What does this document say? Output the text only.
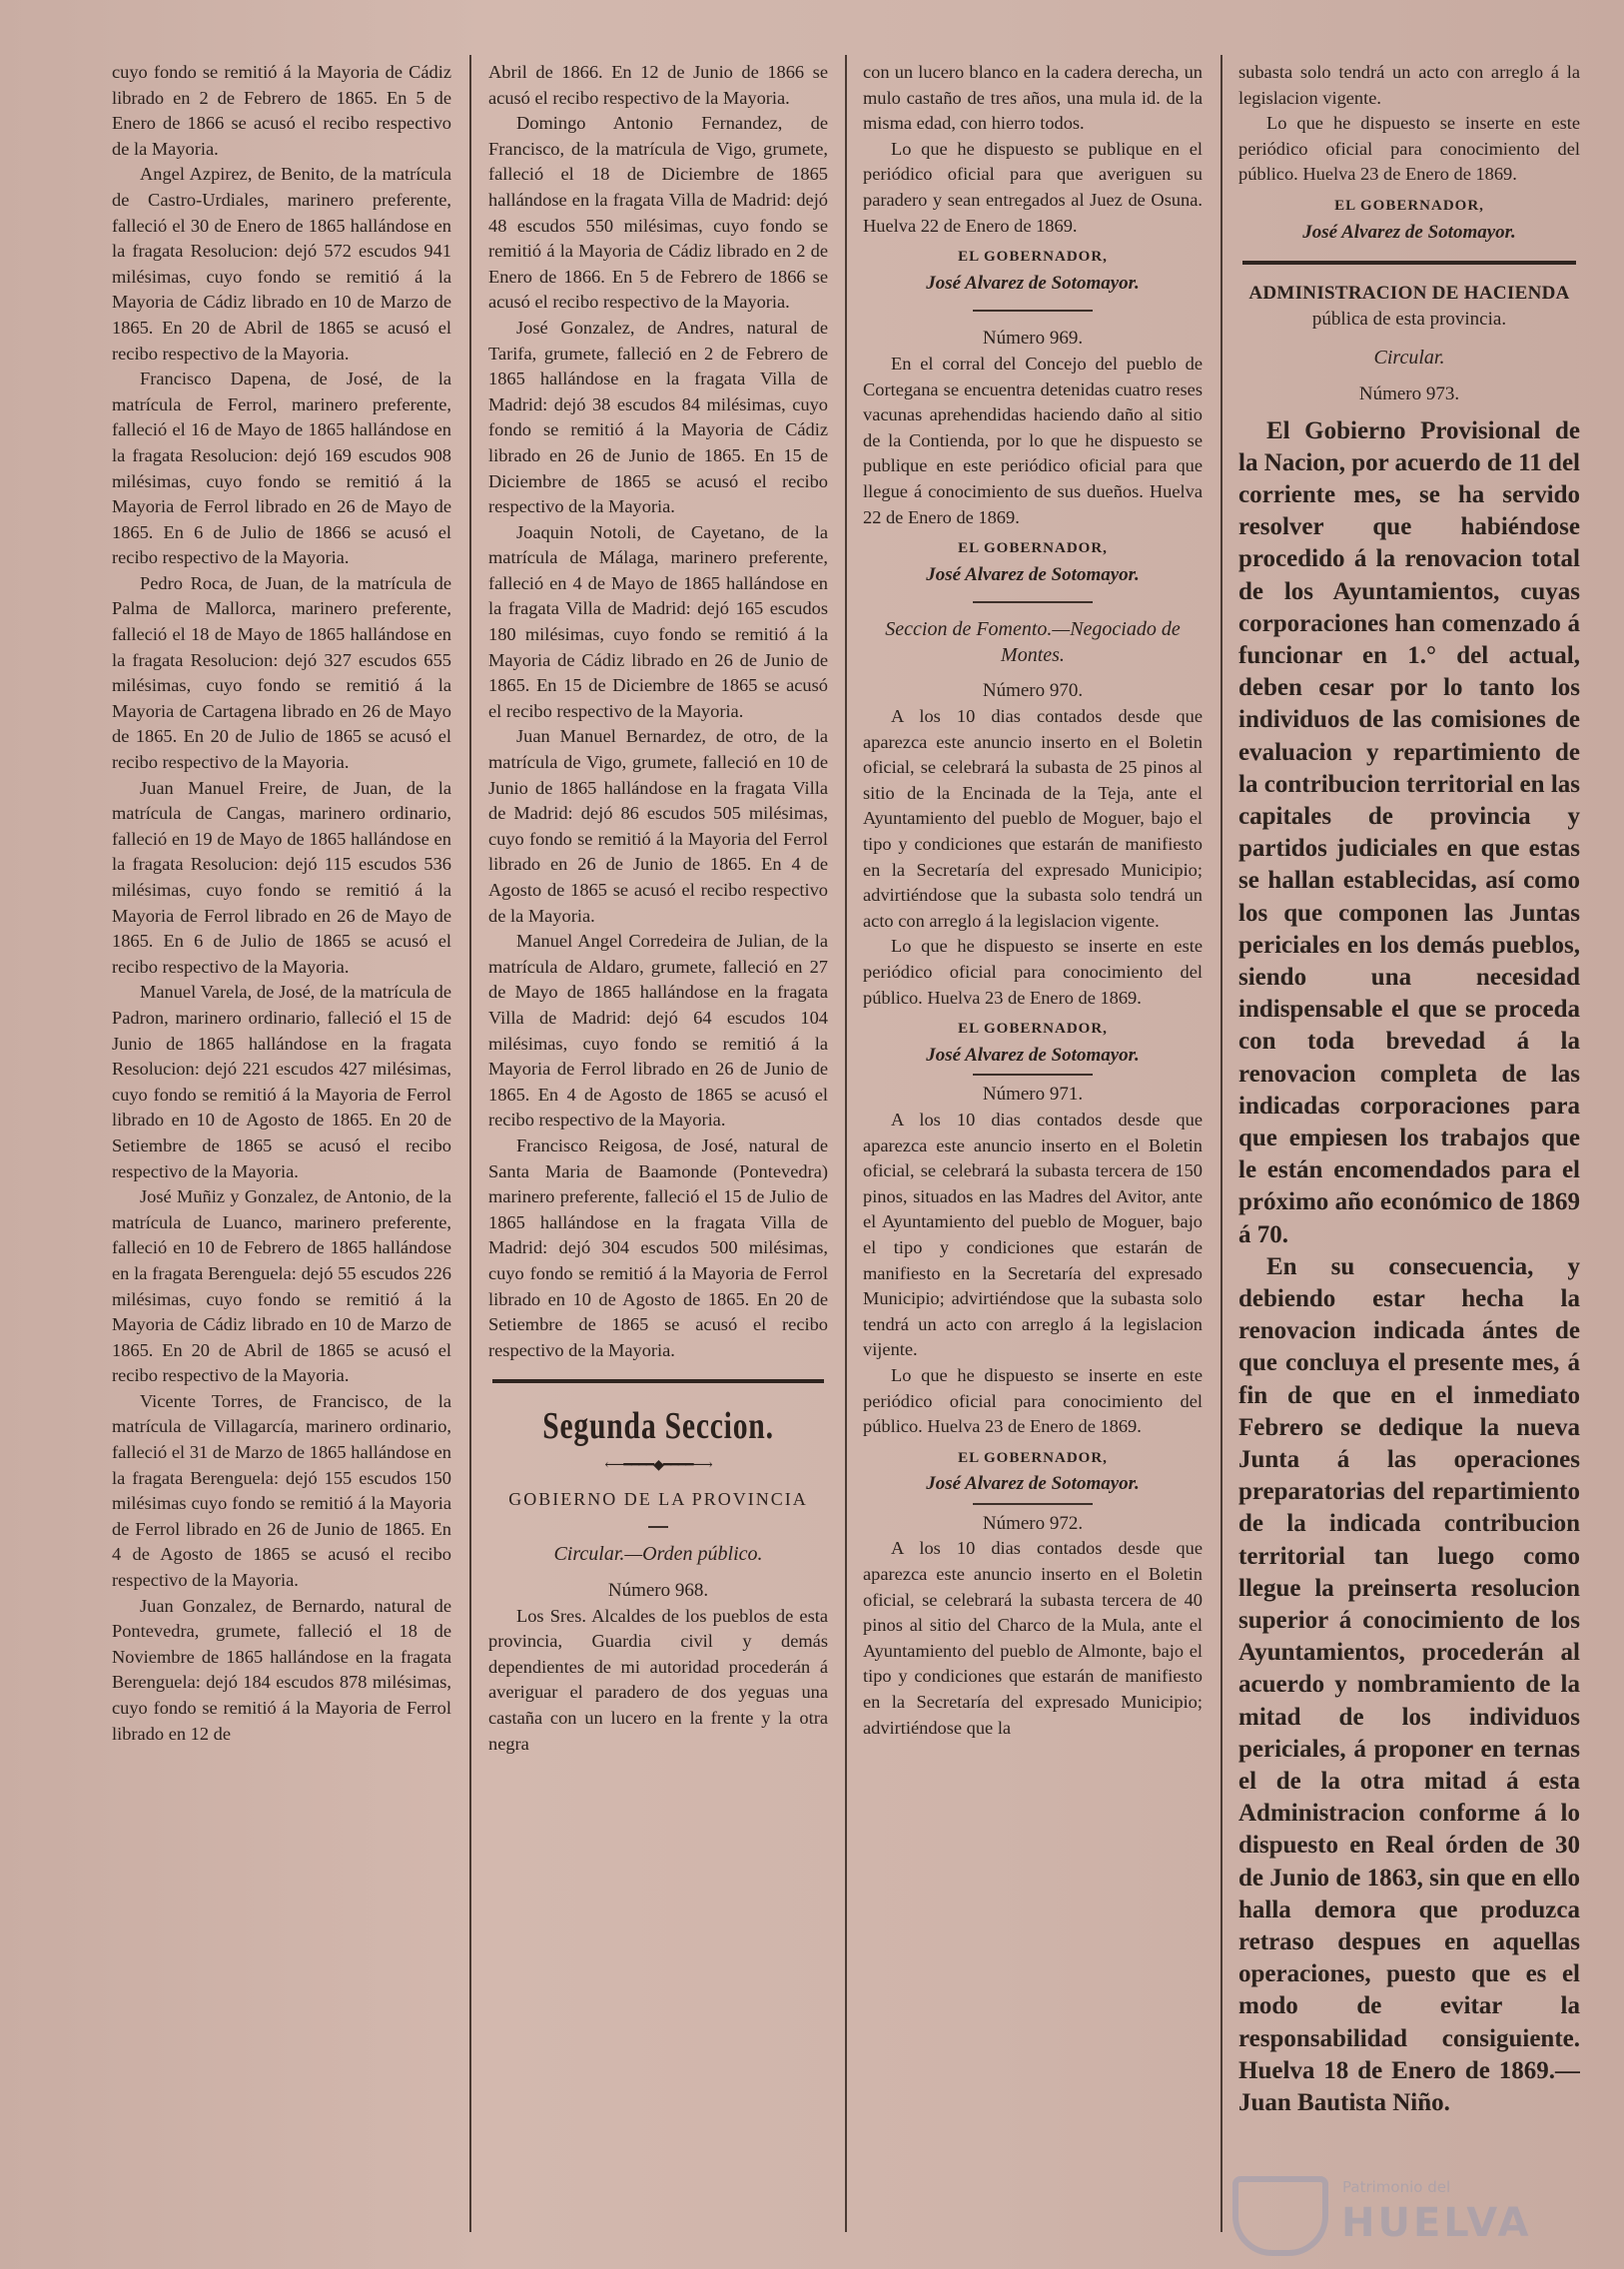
cuyo fondo se remitió á la Mayoria de Cádiz librado en 2 de Febrero de 1865. En 5 de Enero de 1866 se acusó el recibo respectivo de la Mayoria.

Angel Azpirez, de Benito, de la matrícula de Castro-Urdiales, marinero preferente, falleció el 30 de Enero de 1865 hallándose en la fragata Resolucion: dejó 572 escudos 941 milésimas, cuyo fondo se remitió á la Mayoria de Cádiz librado en 10 de Marzo de 1865. En 20 de Abril de 1865 se acusó el recibo respectivo de la Mayoria.

Francisco Dapena, de José, de la matrícula de Ferrol, marinero preferente, falleció el 16 de Mayo de 1865 hallándose en la fragata Resolucion: dejó 169 escudos 908 milésimas, cuyo fondo se remitió á la Mayoria de Ferrol librado en 26 de Mayo de 1865. En 6 de Julio de 1866 se acusó el recibo respectivo de la Mayoria.

Pedro Roca, de Juan, de la matrícula de Palma de Mallorca, marinero preferente, falleció el 18 de Mayo de 1865 hallándose en la fragata Resolucion: dejó 327 escudos 655 milésimas, cuyo fondo se remitió á la Mayoria de Cartagena librado en 26 de Mayo de 1865. En 20 de Julio de 1865 se acusó el recibo respectivo de la Mayoria.

Juan Manuel Freire, de Juan, de la matrícula de Cangas, marinero ordinario, falleció en 19 de Mayo de 1865 hallándose en la fragata Resolucion: dejó 115 escudos 536 milésimas, cuyo fondo se remitió á la Mayoria de Ferrol librado en 26 de Mayo de 1865. En 6 de Julio de 1865 se acusó el recibo respectivo de la Mayoria.

Manuel Varela, de José, de la matrícula de Padron, marinero ordinario, falleció el 15 de Junio de 1865 hallándose en la fragata Resolucion: dejó 221 escudos 427 milésimas, cuyo fondo se remitió á la Mayoria de Ferrol librado en 10 de Agosto de 1865. En 20 de Setiembre de 1865 se acusó el recibo respectivo de la Mayoria.

José Muñiz y Gonzalez, de Antonio, de la matrícula de Luanco, marinero preferente, falleció en 10 de Febrero de 1865 hallándose en la fragata Berenguela: dejó 55 escudos 226 milésimas, cuyo fondo se remitió á la Mayoria de Cádiz librado en 10 de Marzo de 1865. En 20 de Abril de 1865 se acusó el recibo respectivo de la Mayoria.

Vicente Torres, de Francisco, de la matrícula de Villagarcía, marinero ordinario, falleció el 31 de Marzo de 1865 hallándose en la fragata Berenguela: dejó 155 escudos 150 milésimas cuyo fondo se remitió á la Mayoria de Ferrol librado en 26 de Junio de 1865. En 4 de Agosto de 1865 se acusó el recibo respectivo de la Mayoria.

Juan Gonzalez, de Bernardo, natural de Pontevedra, grumete, falleció el 18 de Noviembre de 1865 hallándose en la fragata Berenguela: dejó 184 escudos 878 milésimas, cuyo fondo se remitió á la Mayoria de Ferrol librado en 12 de

Abril de 1866. En 12 de Junio de 1866 se acusó el recibo respectivo de la Mayoria.

Domingo Antonio Fernandez, de Francisco, de la matrícula de Vigo, grumete, falleció el 18 de Diciembre de 1865 hallándose en la fragata Villa de Madrid: dejó 48 escudos 550 milésimas, cuyo fondo se remitió á la Mayoria de Cádiz librado en 2 de Enero de 1866. En 5 de Febrero de 1866 se acusó el recibo respectivo de la Mayoria.

José Gonzalez, de Andres, natural de Tarifa, grumete, falleció en 2 de Febrero de 1865 hallándose en la fragata Villa de Madrid: dejó 38 escudos 84 milésimas, cuyo fondo se remitió á la Mayoria de Cádiz librado en 26 de Junio de 1865. En 15 de Diciembre de 1865 se acusó el recibo respectivo de la Mayoria.

Joaquin Notoli, de Cayetano, de la matrícula de Málaga, marinero preferente, falleció en 4 de Mayo de 1865 hallándose en la fragata Villa de Madrid: dejó 165 escudos 180 milésimas, cuyo fondo se remitió á la Mayoria de Cádiz librado en 26 de Junio de 1865. En 15 de Diciembre de 1865 se acusó el recibo respectivo de la Mayoria.

Juan Manuel Bernardez, de otro, de la matrícula de Vigo, grumete, falleció en 10 de Junio de 1865 hallándose en la fragata Villa de Madrid: dejó 86 escudos 505 milésimas, cuyo fondo se remitió á la Mayoria del Ferrol librado en 26 de Junio de 1865. En 4 de Agosto de 1865 se acusó el recibo respectivo de la Mayoria.

Manuel Angel Corredeira de Julian, de la matrícula de Aldaro, grumete, falleció en 27 de Mayo de 1865 hallándose en la fragata Villa de Madrid: dejó 64 escudos 104 milésimas, cuyo fondo se remitió á la Mayoria de Ferrol librado en 26 de Junio de 1865. En 4 de Agosto de 1865 se acusó el recibo respectivo de la Mayoria.

Francisco Reigosa, de José, natural de Santa Maria de Baamonde (Pontevedra) marinero preferente, falleció el 15 de Julio de 1865 hallándose en la fragata Villa de Madrid: dejó 304 escudos 500 milésimas, cuyo fondo se remitió á la Mayoria de Ferrol librado en 10 de Agosto de 1865. En 20 de Setiembre de 1865 se acusó el recibo respectivo de la Mayoria.

Segunda Seccion.
⟵━━━━◆━━━━⟶

GOBIERNO DE LA PROVINCIA

Circular.—Orden público.

Número 968.

Los Sres. Alcaldes de los pueblos de esta provincia, Guardia civil y demás dependientes de mi autoridad procederán á averiguar el paradero de dos yeguas una castaña con un lucero en la frente y la otra negra

con un lucero blanco en la cadera derecha, un mulo castaño de tres años, una mula id. de la misma edad, con hierro todos.

Lo que he dispuesto se publique en el periódico oficial para que averiguen su paradero y sean entregados al Juez de Osuna. Huelva 22 de Enero de 1869.

EL GOBERNADOR,

José Alvarez de Sotomayor.

Número 969.

En el corral del Concejo del pueblo de Cortegana se encuentra detenidas cuatro reses vacunas aprehendidas haciendo daño al sitio de la Contienda, por lo que he dispuesto se publique en este periódico oficial para que llegue á conocimiento de sus dueños. Huelva 22 de Enero de 1869.

EL GOBERNADOR,

José Alvarez de Sotomayor.

Seccion de Fomento.—Negociado de Montes.

Número 970.

A los 10 dias contados desde que aparezca este anuncio inserto en el Boletin oficial, se celebrará la subasta de 25 pinos al sitio de la Encinada de la Teja, ante el Ayuntamiento del pueblo de Moguer, bajo el tipo y condiciones que estarán de manifiesto en la Secretaría del expresado Municipio; advirtiéndose que la subasta solo tendrá un acto con arreglo á la legislacion vigente.

Lo que he dispuesto se inserte en este periódico oficial para conocimiento del público. Huelva 23 de Enero de 1869.

EL GOBERNADOR,

José Alvarez de Sotomayor.

Número 971.

A los 10 dias contados desde que aparezca este anuncio inserto en el Boletin oficial, se celebrará la subasta tercera de 150 pinos, situados en las Madres del Avitor, ante el Ayuntamiento del pueblo de Moguer, bajo el tipo y condiciones que estarán de manifiesto en la Secretaría del expresado Municipio; advirtiéndose que la subasta solo tendrá un acto con arreglo á la legislacion vijente.

Lo que he dispuesto se inserte en este periódico oficial para conocimiento del público. Huelva 23 de Enero de 1869.

EL GOBERNADOR,

José Alvarez de Sotomayor.

Número 972.

A los 10 dias contados desde que aparezca este anuncio inserto en el Boletin oficial, se celebrará la subasta tercera de 40 pinos al sitio del Charco de la Mula, ante el Ayuntamiento del pueblo de Almonte, bajo el tipo y condiciones que estarán de manifiesto en la Secretaría del expresado Municipio; advirtiéndose que la

subasta solo tendrá un acto con arreglo á la legislacion vigente.

Lo que he dispuesto se inserte en este periódico oficial para conocimiento del público. Huelva 23 de Enero de 1869.

EL GOBERNADOR,

José Alvarez de Sotomayor.

ADMINISTRACION DE HACIENDA

pública de esta provincia.

Circular.

Número 973.

El Gobierno Provisional de la Nacion, por acuerdo de 11 del corriente mes, se ha servido resolver que habiéndose procedido á la renovacion total de los Ayuntamientos, cuyas corporaciones han comenzado á funcionar en 1.° del actual, deben cesar por lo tanto los individuos de las comisiones de evaluacion y repartimiento de la contribucion territorial en las capitales de provincia y partidos judiciales en que estas se hallan establecidas, así como los que componen las Juntas periciales en los demás pueblos, siendo una necesidad indispensable el que se proceda con toda brevedad á la renovacion completa de las indicadas corporaciones para que empiesen los trabajos que le están encomendados para el próximo año económico de 1869 á 70.

En su consecuencia, y debiendo estar hecha la renovacion indicada ántes de que concluya el presente mes, á fin de que en el inmediato Febrero se dedique la nueva Junta á las operaciones preparatorias del repartimiento de la indicada contribucion territorial tan luego como llegue la preinserta resolucion superior á conocimiento de los Ayuntamientos, procederán al acuerdo y nombramiento de la mitad de los individuos periciales, á proponer en ternas el de la otra mitad á esta Administracion conforme á lo dispuesto en Real órden de 30 de Junio de 1863, sin que en ello halla demora que produzca retraso despues en aquellas operaciones, puesto que es el modo de evitar la responsabilidad consiguiente. Huelva 18 de Enero de 1869.—Juan Bautista Niño.

Patrimonio del
HUELVA
